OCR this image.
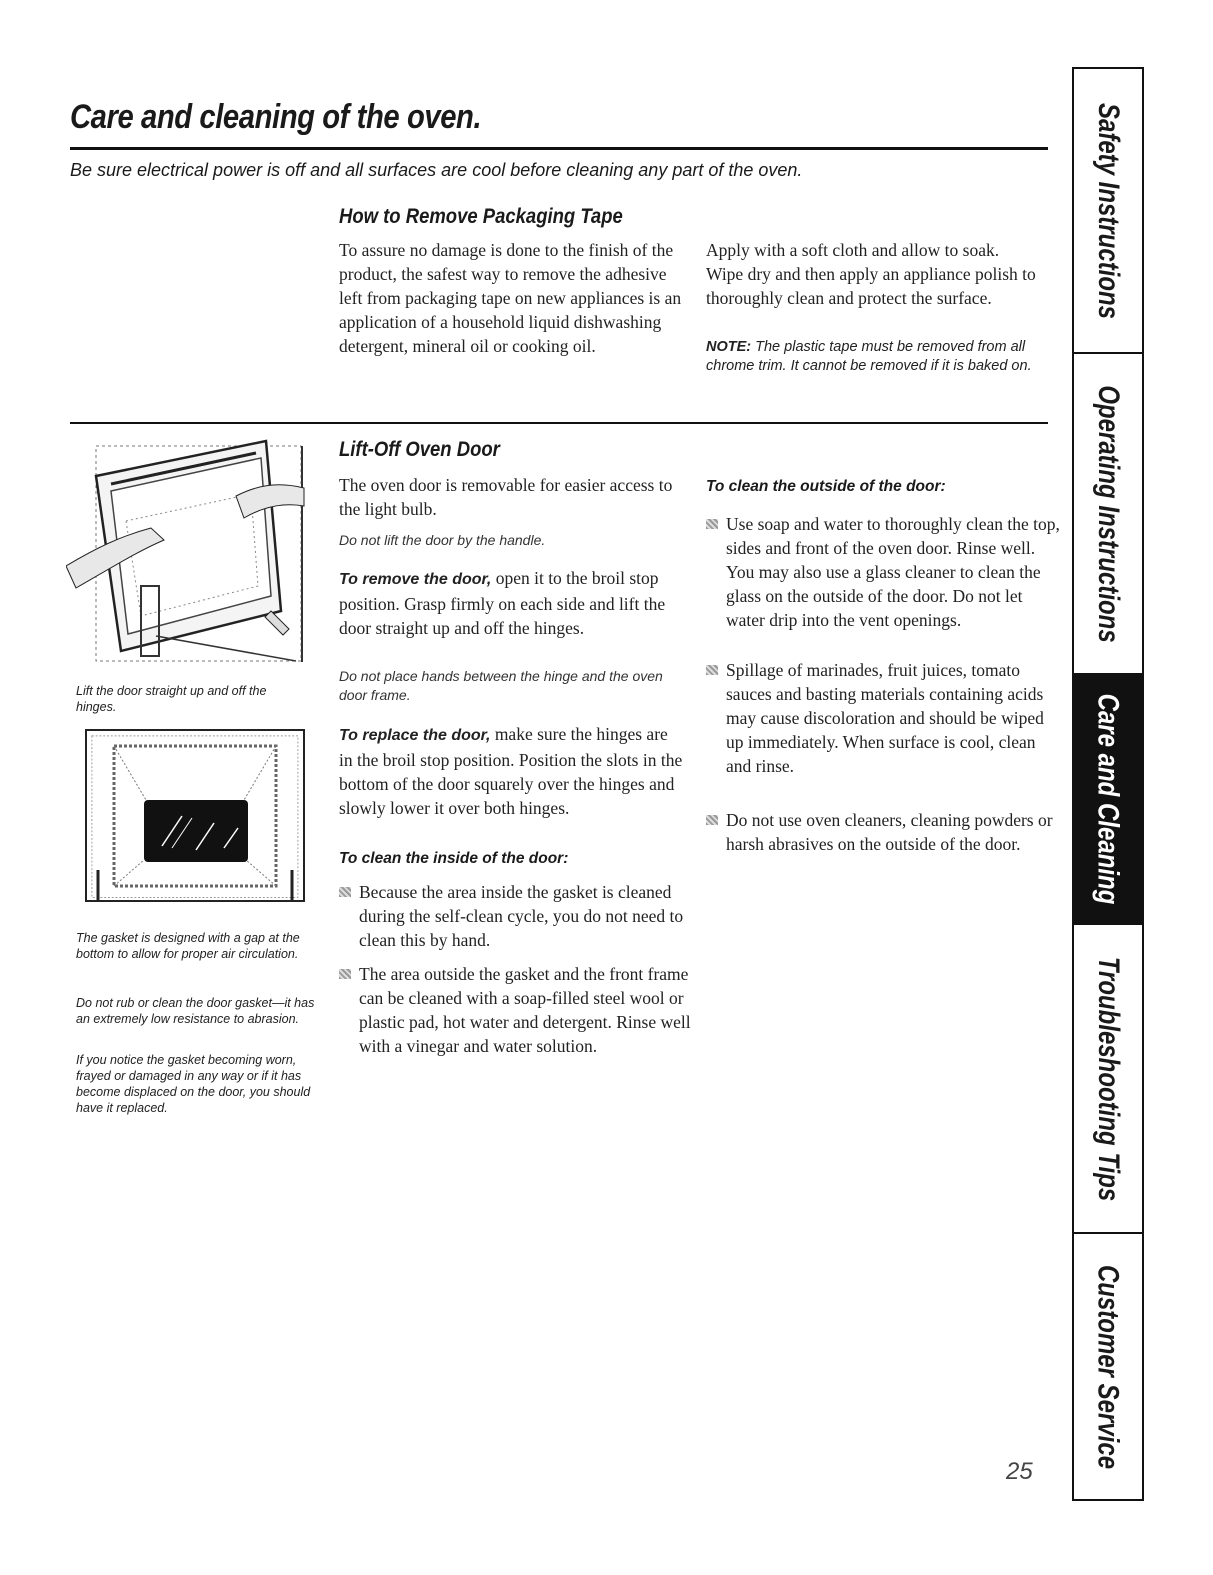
Care and cleaning of the oven.

Be sure electrical power is off and all surfaces are cool before cleaning any part of the oven.

How to Remove Packaging Tape

To assure no damage is done to the finish of the product, the safest way to remove the adhesive left from packaging tape on new appliances is an application of a household liquid dishwashing detergent, mineral oil or cooking oil.

Apply with a soft cloth and allow to soak. Wipe dry and then apply an appliance polish to thoroughly clean and protect the surface.

NOTE: The plastic tape must be removed from all chrome trim. It cannot be removed if it is baked on.

Lift the door straight up and off the hinges.

The gasket is designed with a gap at the bottom to allow for proper air circulation.

Do not rub or clean the door gasket—it has an extremely low resistance to abrasion.

If you notice the gasket becoming worn, frayed or damaged in any way or if it has become displaced on the door, you should have it replaced.

Lift-Off Oven Door

The oven door is removable for easier access to the light bulb.

Do not lift the door by the handle.

To remove the door, open it to the broil stop position. Grasp firmly on each side and lift the door straight up and off the hinges.

Do not place hands between the hinge and the oven door frame.

To replace the door, make sure the hinges are in the broil stop position. Position the slots in the bottom of the door squarely over the hinges and slowly lower it over both hinges.

To clean the inside of the door:

Because the area inside the gasket is cleaned during the self-clean cycle, you do not need to clean this by hand.

The area outside the gasket and the front frame can be cleaned with a soap-filled steel wool or plastic pad, hot water and detergent. Rinse well with a vinegar and water solution.

To clean the outside of the door:

Use soap and water to thoroughly clean the top, sides and front of the oven door. Rinse well. You may also use a glass cleaner to clean the glass on the outside of the door. Do not let water drip into the vent openings.

Spillage of marinades, fruit juices, tomato sauces and basting materials containing acids may cause discoloration and should be wiped up immediately. When surface is cool, clean and rinse.

Do not use oven cleaners, cleaning powders or harsh abrasives on the outside of the door.

Safety Instructions
Operating Instructions
Care and Cleaning
Troubleshooting Tips
Customer Service
25
